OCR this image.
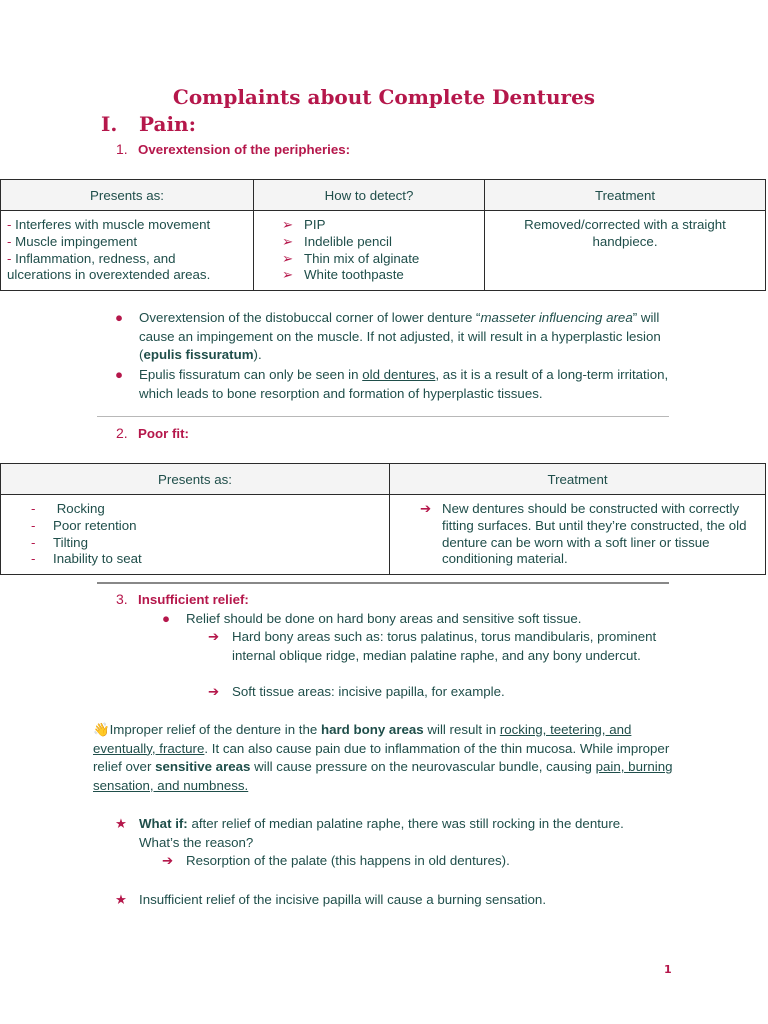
Complaints about Complete Dentures
I. Pain:
1. Overextension of the peripheries:
Presents as:	How to detect?	Treatment

- Interferes with muscle movement
- Muscle impingement
- Inflammation, redness, and
ulcerations in overextended areas.	➢ PIP
➢ Indelible pencil
➢ Thin mix of alginate
➢ White toothpaste	Removed/corrected with a straight handpiece.
● Overextension of the distobuccal corner of lower denture “masseter influencing area” will cause an impingement on the muscle. If not adjusted, it will result in a hyperplastic lesion (epulis fissuratum).
● Epulis fissuratum can only be seen in old dentures, as it is a result of a long-term irritation, which leads to bone resorption and formation of hyperplastic tissues.
2. Poor fit:
Presents as:	Treatment

- Rocking
- Poor retention
- Tilting
- Inability to seat	➔ New dentures should be constructed with correctly fitting surfaces. But until they’re constructed, the old denture can be worn with a soft liner or tissue conditioning material.
3. Insufficient relief:
● Relief should be done on hard bony areas and sensitive soft tissue.
➔ Hard bony areas such as: torus palatinus, torus mandibularis, prominent internal oblique ridge, median palatine raphe, and any bony undercut.
➔ Soft tissue areas: incisive papilla, for example.
👋Improper relief of the denture in the hard bony areas will result in rocking, teetering, and eventually, fracture. It can also cause pain due to inflammation of the thin mucosa. While improper relief over sensitive areas will cause pressure on the neurovascular bundle, causing pain, burning sensation, and numbness.
★ What if: after relief of median palatine raphe, there was still rocking in the denture. What’s the reason?
➔ Resorption of the palate (this happens in old dentures).
★ Insufficient relief of the incisive papilla will cause a burning sensation.
1
